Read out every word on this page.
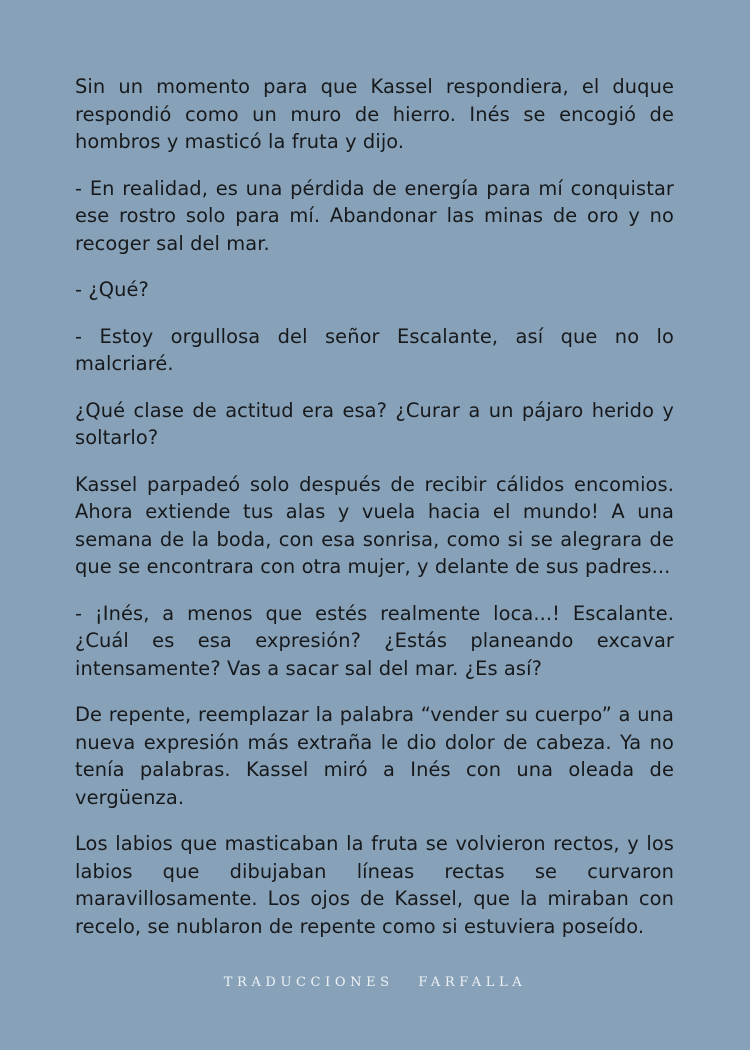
Sin un momento para que Kassel respondiera, el duque respondió como un muro de hierro. Inés se encogió de hombros y masticó la fruta y dijo.

- En realidad, es una pérdida de energía para mí conquistar ese rostro solo para mí. Abandonar las minas de oro y no recoger sal del mar.

- ¿Qué?

- Estoy orgullosa del señor Escalante, así que no lo malcriaré.

¿Qué clase de actitud era esa? ¿Curar a un pájaro herido y soltarlo?

Kassel parpadeó solo después de recibir cálidos encomios. Ahora extiende tus alas y vuela hacia el mundo! A una semana de la boda, con esa sonrisa, como si se alegrara de que se encontrara con otra mujer, y delante de sus padres...

- ¡Inés, a menos que estés realmente loca...! Escalante. ¿Cuál es esa expresión? ¿Estás planeando excavar intensamente? Vas a sacar sal del mar. ¿Es así?

De repente, reemplazar la palabra “vender su cuerpo” a una nueva expresión más extraña le dio dolor de cabeza. Ya no tenía palabras. Kassel miró a Inés con una oleada de vergüenza.

Los labios que masticaban la fruta se volvieron rectos, y los labios que dibujaban líneas rectas se curvaron maravillosamente. Los ojos de Kassel, que la miraban con recelo, se nublaron de repente como si estuviera poseído.

TRADUCCIONES FARFALLA
